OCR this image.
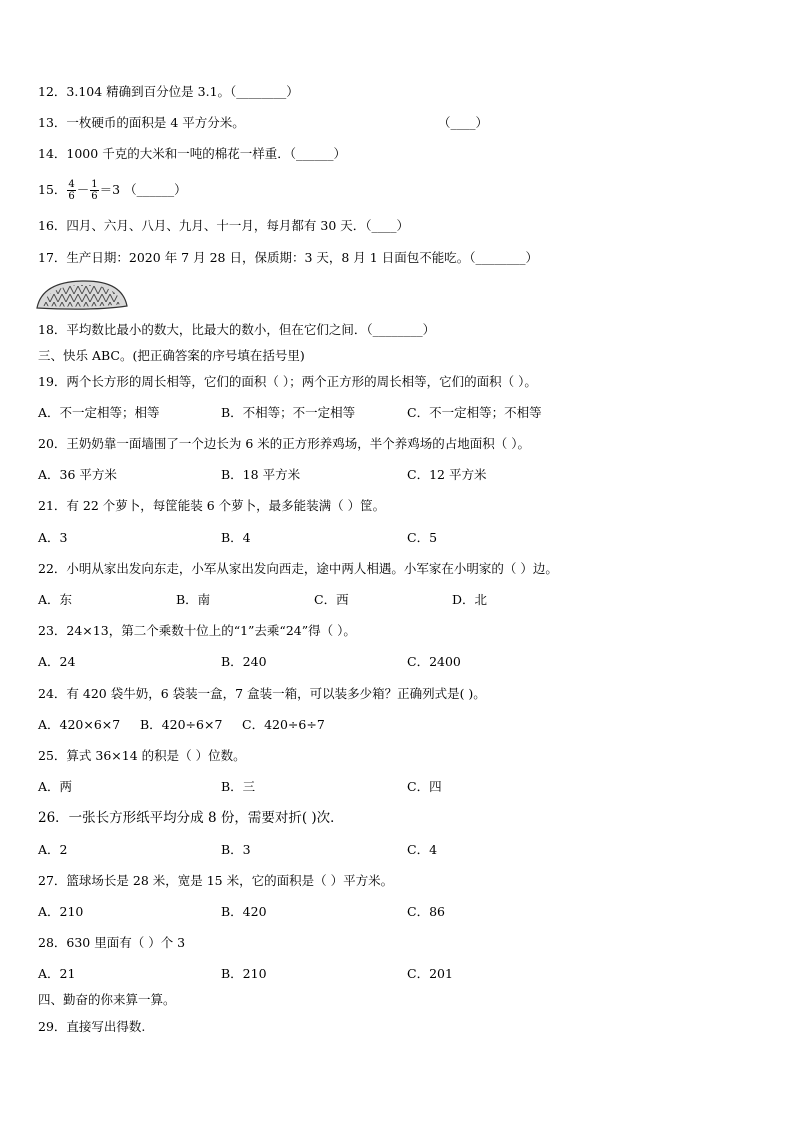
12．3.104 精确到百分位是 3.1。（________）
13．一枚硬币的面积是 4 平方分米。	（____）
14．1000 千克的大米和一吨的棉花一样重．（______）
15． $\frac{4}{6} - \frac{1}{6} =3$ （______）
16．四月、六月、八月、九月、十一月，每月都有 30 天．（____）
17．生产日期：2020 年 7 月 28 日，保质期：3 天，8 月 1 日面包不能吃。（________）
18．平均数比最小的数大，比最大的数小，但在它们之间．（________）
三、快乐 ABC。(把正确答案的序号填在括号里)
19．两个长方形的周长相等，它们的面积（ ）；两个正方形的周长相等，它们的面积（ ）。
A．不一定相等；相等	B．不相等；不一定相等	C．不一定相等；不相等
20．王奶奶靠一面墙围了一个边长为 6 米的正方形养鸡场，半个养鸡场的占地面积（ ）。
A．36 平方米	B．18 平方米	C．12 平方米
21．有 22 个萝卜，每筐能装 6 个萝卜，最多能装满（ ）筐。
A．3	B．4	C．5
22．小明从家出发向东走，小军从家出发向西走，途中两人相遇。小军家在小明家的（ ）边。
A．东	B．南	C．西	D．北
23．24×13，第二个乘数十位上的“1”去乘“24”得（ ）。
A．24	B．240	C．2400
24．有 420 袋牛奶，6 袋装一盒，7 盒装一箱，可以装多少箱？正确列式是( )。
A．420×6×7 B．420÷6×7 C．420÷6÷7
25．算式 36×14 的积是（ ）位数。
A．两	B．三	C．四
26．一张长方形纸平均分成 8 份，需要对折( )次．
A．2	B．3	C．4
27．篮球场长是 28 米，宽是 15 米，它的面积是（ ）平方米。
A．210	B．420	C．86
28．630 里面有（ ）个 3
A．21	B．210	C．201
四、勤奋的你来算一算。
29．直接写出得数.
